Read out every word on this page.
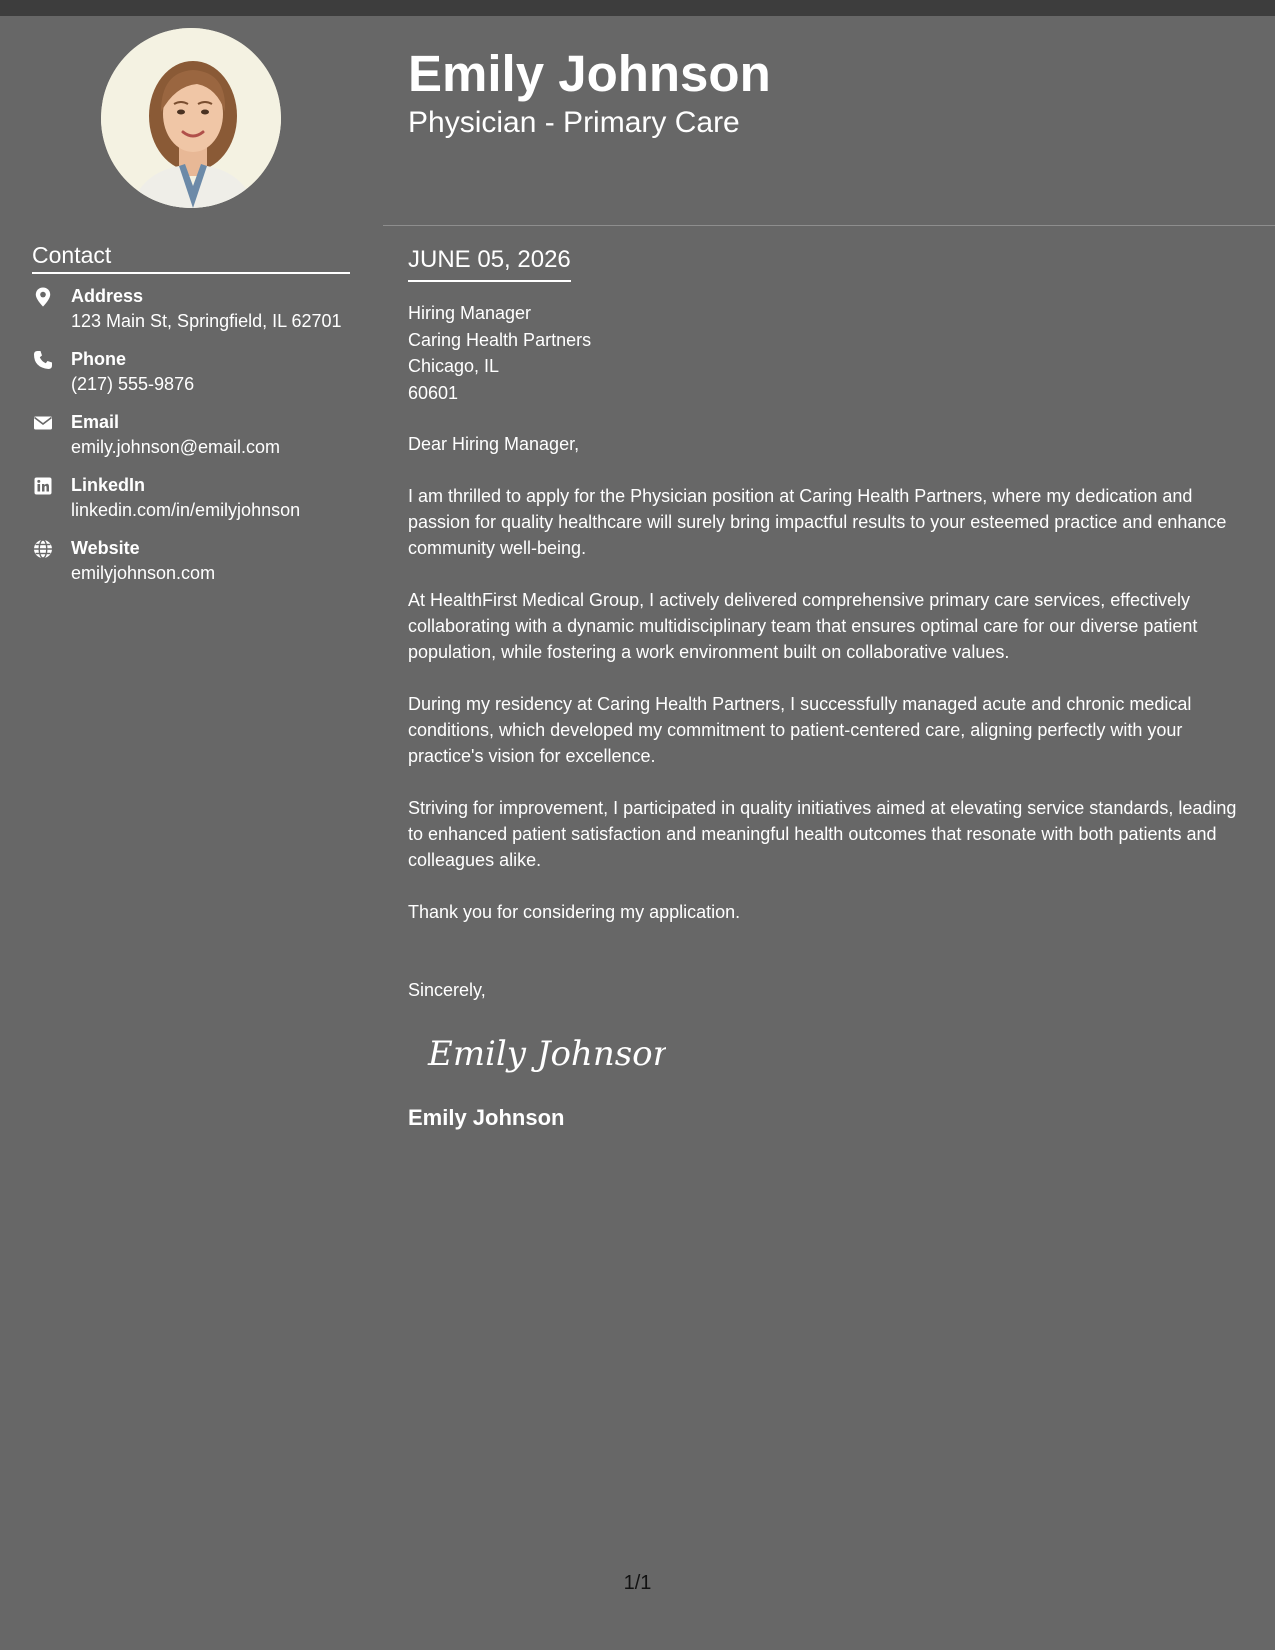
Emily Johnson
Physician - Primary Care
Contact
Address
123 Main St, Springfield, IL 62701
Phone
(217) 555-9876
Email
emily.johnson@email.com
LinkedIn
linkedin.com/in/emilyjohnson
Website
emilyjohnson.com
JUNE 05, 2026
Hiring Manager
Caring Health Partners
Chicago, IL
60601
Dear Hiring Manager,
I am thrilled to apply for the Physician position at Caring Health Partners, where my dedication and passion for quality healthcare will surely bring impactful results to your esteemed practice and enhance community well-being.
At HealthFirst Medical Group, I actively delivered comprehensive primary care services, effectively collaborating with a dynamic multidisciplinary team that ensures optimal care for our diverse patient population, while fostering a work environment built on collaborative values.
During my residency at Caring Health Partners, I successfully managed acute and chronic medical conditions, which developed my commitment to patient-centered care, aligning perfectly with your practice's vision for excellence.
Striving for improvement, I participated in quality initiatives aimed at elevating service standards, leading to enhanced patient satisfaction and meaningful health outcomes that resonate with both patients and colleagues alike.
Thank you for considering my application.
Sincerely,
Emily Johnson
Emily Johnson
1/1
